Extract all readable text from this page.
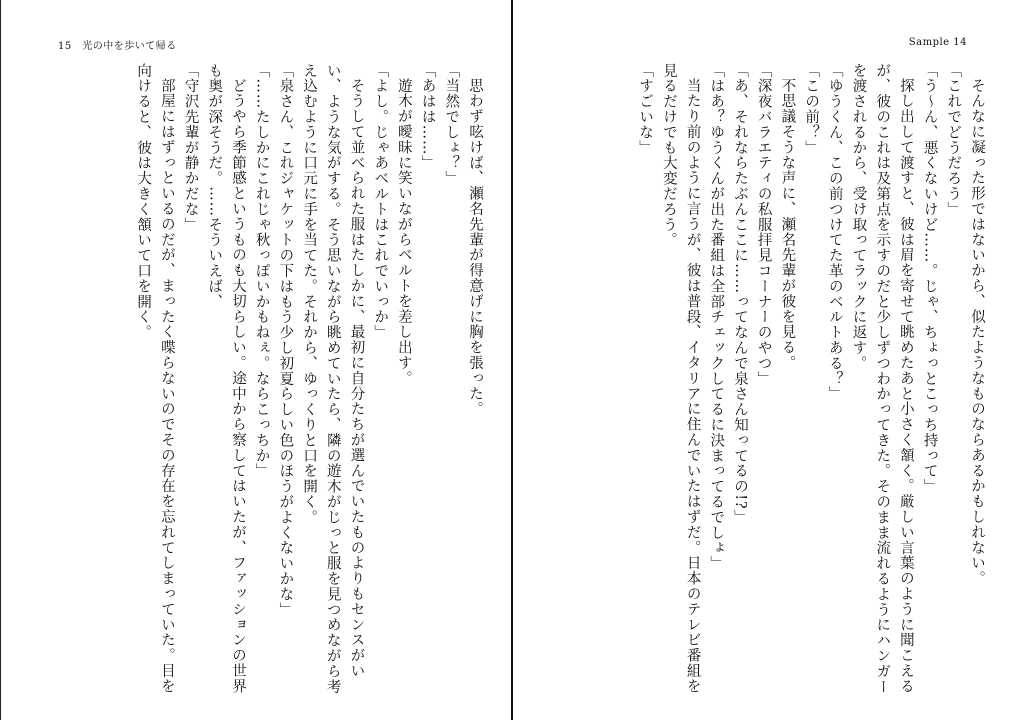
15　光の中を歩いて帰る

思わず呟けば、瀬名先輩が得意げに胸を張った。

「当然でしょ？」

「あはは……」

遊木が曖昧に笑いながらベルトを差し出す。

「よし。じゃあベルトはこれでいっか」

そうして並べられた服はたしかに、最初に自分たちが選んでいたものよりもセンスがいい、ような気がする。そう思いながら眺めていたら、隣の遊木がじっと服を見つめながら考え込むように口元に手を当てた。それから、ゆっくりと口を開く。

「泉さん、これジャケットの下はもう少し初夏らしい色のほうがよくないかな」

「……たしかにこれじゃ秋っぽいかもねぇ。ならこっちか」

どうやら季節感というものも大切らしい。途中から察してはいたが、ファッションの世界も奥が深そうだ。……そういえば、

「守沢先輩が静かだな」

部屋にはずっといるのだが、まったく喋らないのでその存在を忘れてしまっていた。目を向けると、彼は大きく頷いて口を開く。

Sample 14

そんなに凝った形ではないから、似たようなものならあるかもしれない。

「これでどうだろう」

「う～ん、悪くないけど……。じゃ、ちょっとこっち持って」

探し出して渡すと、彼は眉を寄せて眺めたあと小さく頷く。厳しい言葉のように聞こえるが、彼のこれは及第点を示すのだと少しずつわかってきた。そのまま流れるようにハンガーを渡されるから、受け取ってラックに返す。

「ゆうくん、この前つけてた革のベルトある？」

「この前？」

不思議そうな声に、瀬名先輩が彼を見る。

「深夜バラエティの私服拝見コーナーのやつ」

「あ、それならたぶんここに……ってなんで泉さん知ってるの!?」

「はあ？ゆうくんが出た番組は全部チェックしてるに決まってるでしょ」

当たり前のように言うが、彼は普段、イタリアに住んでいたはずだ。日本のテレビ番組を見るだけでも大変だろう。

「すごいな」
